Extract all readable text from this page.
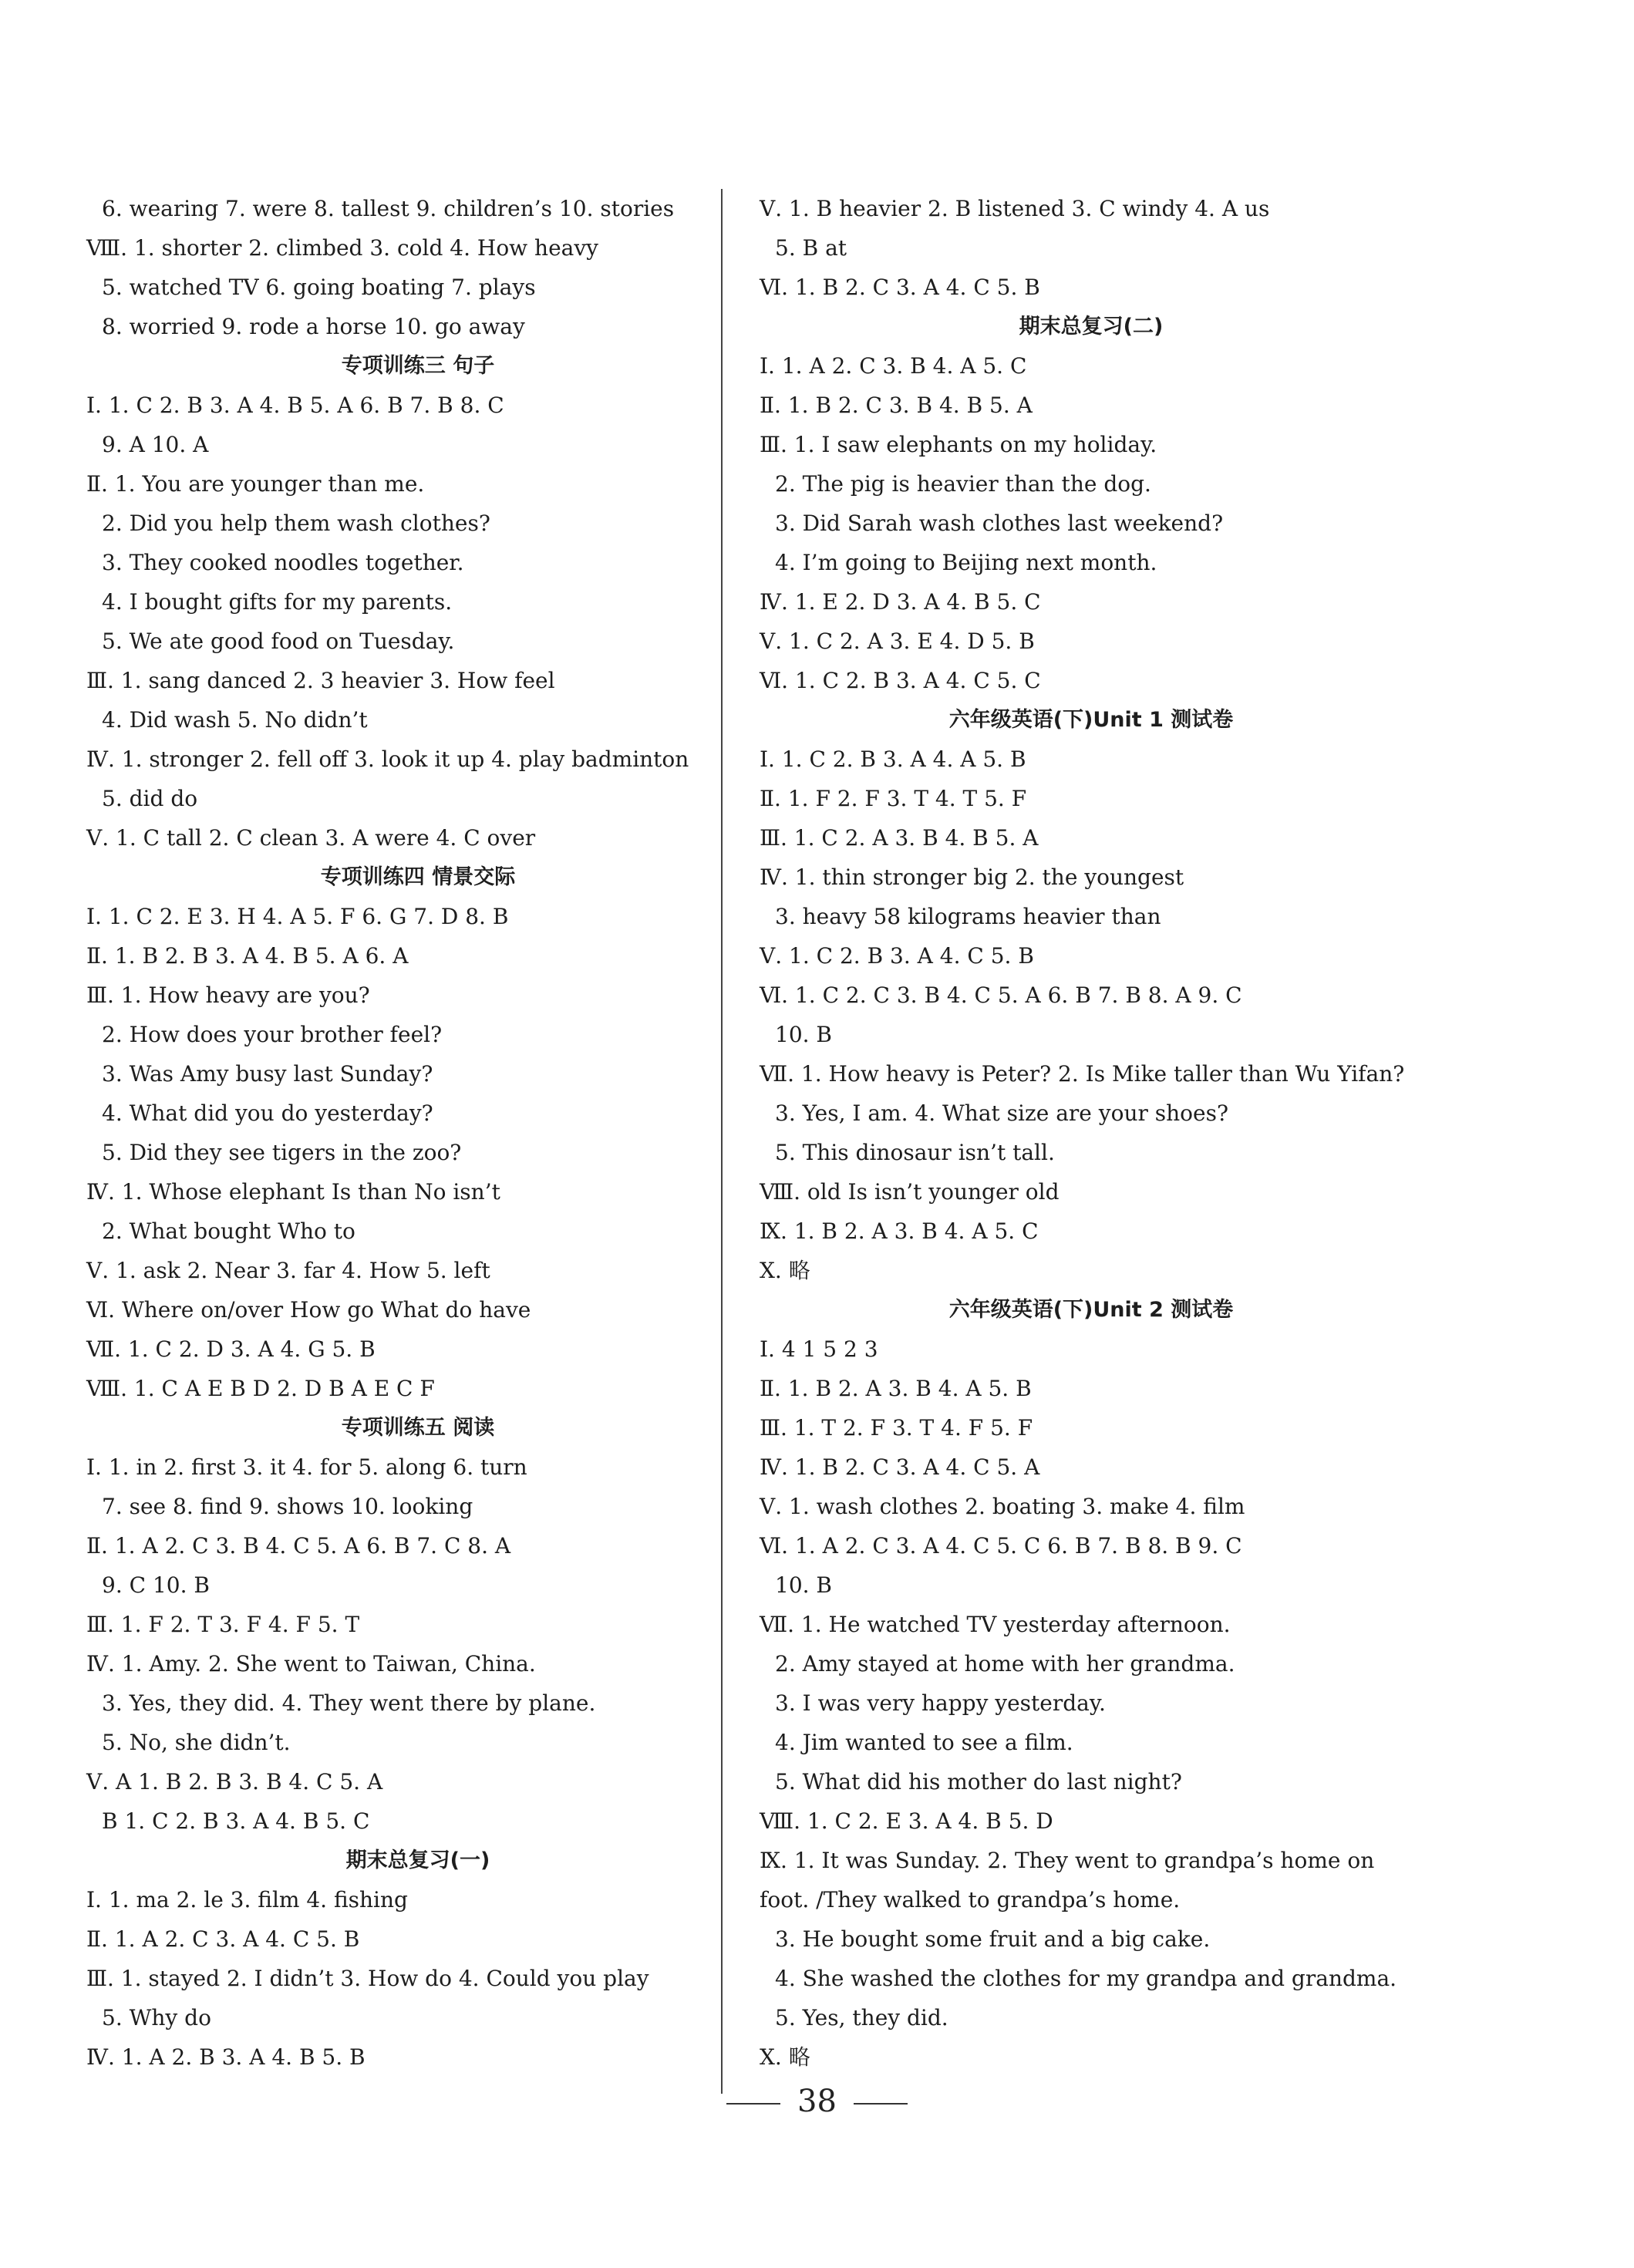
6. wearing 7. were 8. tallest 9. children’s 10. stories
Ⅷ. 1. shorter 2. climbed 3. cold 4. How heavy
5. watched TV 6. going boating 7. plays
8. worried 9. rode a horse 10. go away
专项训练三 句子
Ⅰ. 1. C 2. B 3. A 4. B 5. A 6. B 7. B 8. C
9. A 10. A
Ⅱ. 1. You are younger than me.
2. Did you help them wash clothes?
3. They cooked noodles together.
4. I bought gifts for my parents.
5. We ate good food on Tuesday.
Ⅲ. 1. sang danced 2. 3 heavier 3. How feel
4. Did wash 5. No didn’t
Ⅳ. 1. stronger 2. fell off 3. look it up 4. play badminton
5. did do
Ⅴ. 1. C tall 2. C clean 3. A were 4. C over
专项训练四 情景交际
Ⅰ. 1. C 2. E 3. H 4. A 5. F 6. G 7. D 8. B
Ⅱ. 1. B 2. B 3. A 4. B 5. A 6. A
Ⅲ. 1. How heavy are you?
2. How does your brother feel?
3. Was Amy busy last Sunday?
4. What did you do yesterday?
5. Did they see tigers in the zoo?
Ⅳ. 1. Whose elephant Is than No isn’t
2. What bought Who to
Ⅴ. 1. ask 2. Near 3. far 4. How 5. left
Ⅵ. Where on/over How go What do have
Ⅶ. 1. C 2. D 3. A 4. G 5. B
Ⅷ. 1. C A E B D 2. D B A E C F
专项训练五 阅读
Ⅰ. 1. in 2. first 3. it 4. for 5. along 6. turn
7. see 8. find 9. shows 10. looking
Ⅱ. 1. A 2. C 3. B 4. C 5. A 6. B 7. C 8. A
9. C 10. B
Ⅲ. 1. F 2. T 3. F 4. F 5. T
Ⅳ. 1. Amy. 2. She went to Taiwan, China.
3. Yes, they did. 4. They went there by plane.
5. No, she didn’t.
Ⅴ. A 1. B 2. B 3. B 4. C 5. A
B 1. C 2. B 3. A 4. B 5. C
期末总复习(一)
Ⅰ. 1. ma 2. le 3. film 4. fishing
Ⅱ. 1. A 2. C 3. A 4. C 5. B
Ⅲ. 1. stayed 2. I didn’t 3. How do 4. Could you play
5. Why do
Ⅳ. 1. A 2. B 3. A 4. B 5. B
Ⅴ. 1. B heavier 2. B listened 3. C windy 4. A us
5. B at
Ⅵ. 1. B 2. C 3. A 4. C 5. B
期末总复习(二)
Ⅰ. 1. A 2. C 3. B 4. A 5. C
Ⅱ. 1. B 2. C 3. B 4. B 5. A
Ⅲ. 1. I saw elephants on my holiday.
2. The pig is heavier than the dog.
3. Did Sarah wash clothes last weekend?
4. I’m going to Beijing next month.
Ⅳ. 1. E 2. D 3. A 4. B 5. C
Ⅴ. 1. C 2. A 3. E 4. D 5. B
Ⅵ. 1. C 2. B 3. A 4. C 5. C
六年级英语(下)Unit 1 测试卷
Ⅰ. 1. C 2. B 3. A 4. A 5. B
Ⅱ. 1. F 2. F 3. T 4. T 5. F
Ⅲ. 1. C 2. A 3. B 4. B 5. A
Ⅳ. 1. thin stronger big 2. the youngest
3. heavy 58 kilograms heavier than
Ⅴ. 1. C 2. B 3. A 4. C 5. B
Ⅵ. 1. C 2. C 3. B 4. C 5. A 6. B 7. B 8. A 9. C
10. B
Ⅶ. 1. How heavy is Peter? 2. Is Mike taller than Wu Yifan?
3. Yes, I am. 4. What size are your shoes?
5. This dinosaur isn’t tall.
Ⅷ. old Is isn’t younger old
Ⅸ. 1. B 2. A 3. B 4. A 5. C
Ⅹ. 略
六年级英语(下)Unit 2 测试卷
Ⅰ. 4 1 5 2 3
Ⅱ. 1. B 2. A 3. B 4. A 5. B
Ⅲ. 1. T 2. F 3. T 4. F 5. F
Ⅳ. 1. B 2. C 3. A 4. C 5. A
Ⅴ. 1. wash clothes 2. boating 3. make 4. film
Ⅵ. 1. A 2. C 3. A 4. C 5. C 6. B 7. B 8. B 9. C
10. B
Ⅶ. 1. He watched TV yesterday afternoon.
2. Amy stayed at home with her grandma.
3. I was very happy yesterday.
4. Jim wanted to see a film.
5. What did his mother do last night?
Ⅷ. 1. C 2. E 3. A 4. B 5. D
Ⅸ. 1. It was Sunday. 2. They went to grandpa’s home on
foot. /They walked to grandpa’s home.
3. He bought some fruit and a big cake.
4. She washed the clothes for my grandpa and grandma.
5. Yes, they did.
Ⅹ. 略
38
